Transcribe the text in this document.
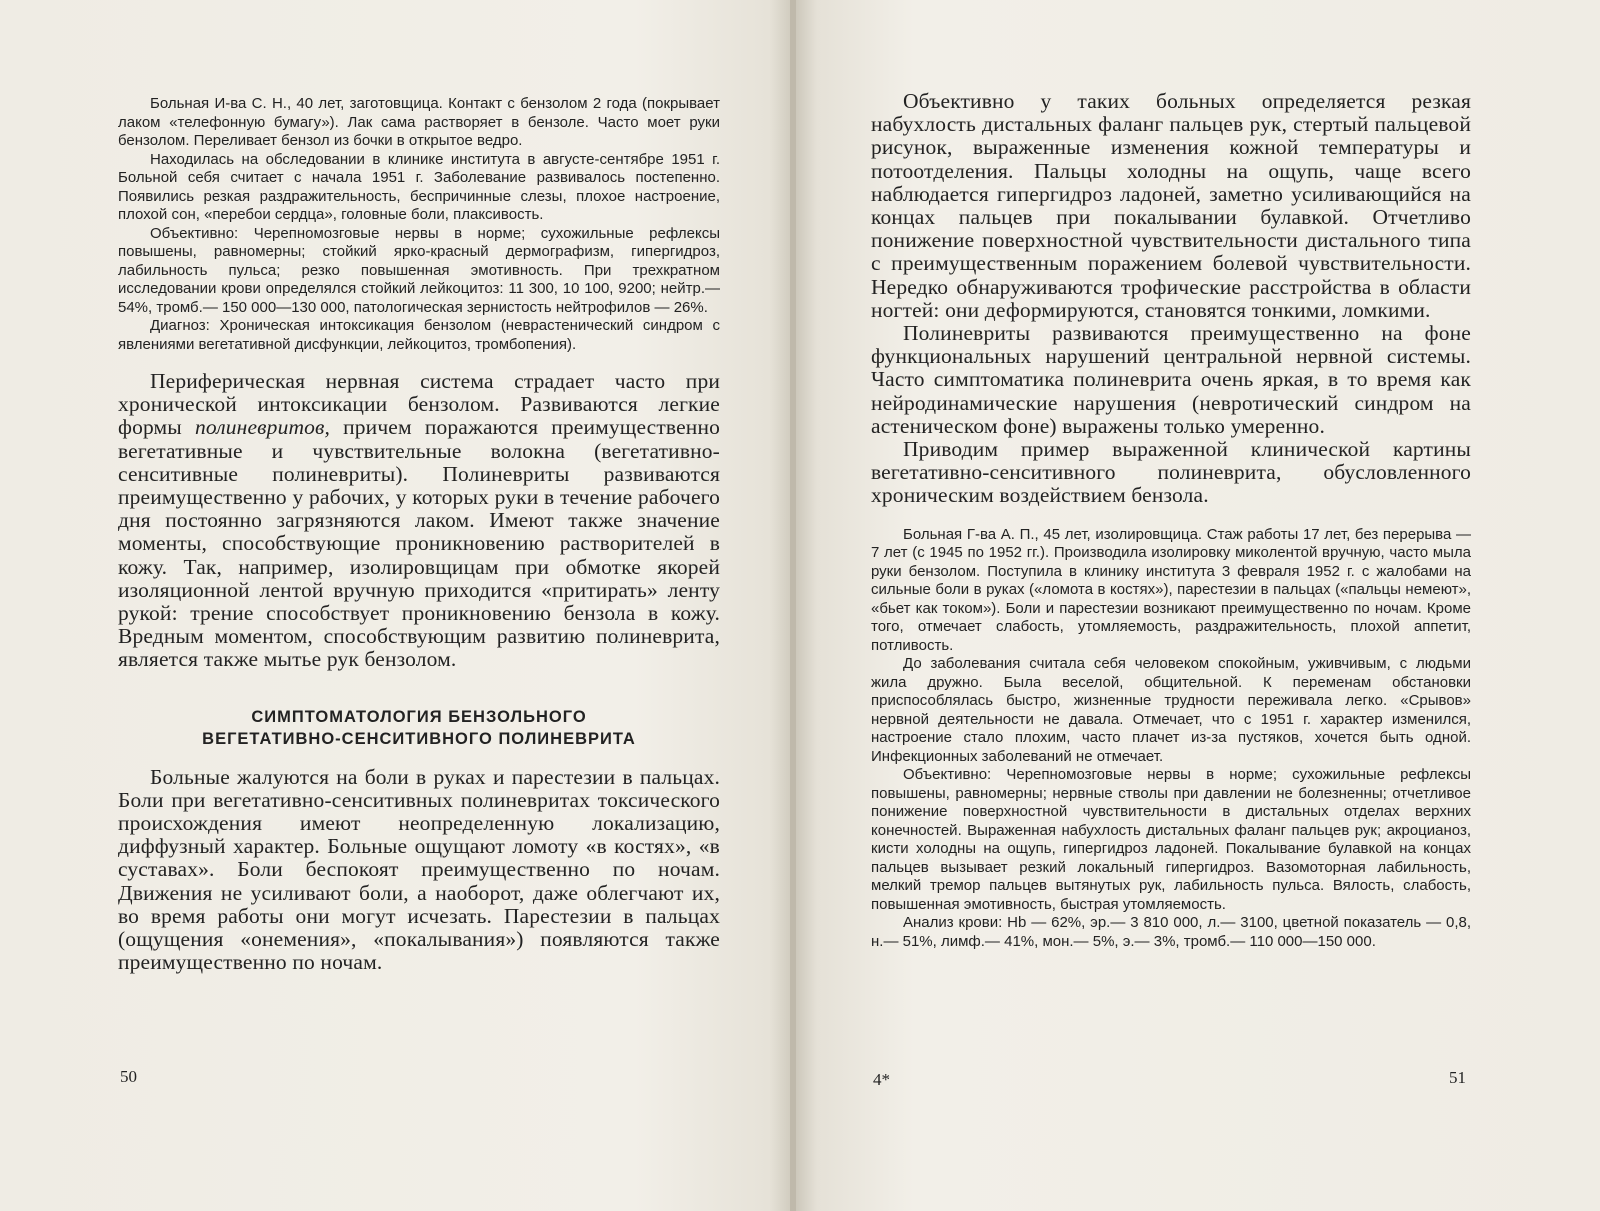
Больная И-ва С. Н., 40 лет, заготовщица. Контакт с бензолом 2 года (покрывает лаком «телефонную бумагу»). Лак сама растворяет в бензоле. Часто моет руки бензолом. Переливает бензол из бочки в открытое ведро.

Находилась на обследовании в клинике института в августе-сентябре 1951 г. Больной себя считает с начала 1951 г. Заболевание развивалось постепенно. Появились резкая раздражительность, беспричинные слезы, плохое настроение, плохой сон, «перебои сердца», головные боли, плаксивость.

Объективно: Черепномозговые нервы в норме; сухожильные рефлексы повышены, равномерны; стойкий ярко-красный дермографизм, гипергидроз, лабильность пульса; резко повышенная эмотивность. При трехкратном исследовании крови определялся стойкий лейкоцитоз: 11 300, 10 100, 9200; нейтр.— 54%, тромб.— 150 000—130 000, патологическая зернистость нейтрофилов — 26%.

Диагноз: Хроническая интоксикация бензолом (неврастенический синдром с явлениями вегетативной дисфункции, лейкоцитоз, тромбопения).

Периферическая нервная система страдает часто при хронической интоксикации бензолом. Развиваются легкие формы полиневритов, причем поражаются преимущественно вегетативные и чувствительные волокна (вегетативно-сенситивные полиневриты). Полиневриты развиваются преимущественно у рабочих, у которых руки в течение рабочего дня постоянно загрязняются лаком. Имеют также значение моменты, способствующие проникновению растворителей в кожу. Так, например, изолировщицам при обмотке якорей изоляционной лентой вручную приходится «притирать» ленту рукой: трение способствует проникновению бензола в кожу. Вредным моментом, способствующим развитию полиневрита, является также мытье рук бензолом.

СИМПТОМАТОЛОГИЯ БЕНЗОЛЬНОГО
ВЕГЕТАТИВНО-СЕНСИТИВНОГО ПОЛИНЕВРИТА

Больные жалуются на боли в руках и парестезии в пальцах. Боли при вегетативно-сенситивных полиневритах токсического происхождения имеют неопределенную локализацию, диффузный характер. Больные ощущают ломоту «в костях», «в суставах». Боли беспокоят преимущественно по ночам. Движения не усиливают боли, а наоборот, даже облегчают их, во время работы они могут исчезать. Парестезии в пальцах (ощущения «онемения», «покалывания») появляются также преимущественно по ночам.

50

Объективно у таких больных определяется резкая набухлость дистальных фаланг пальцев рук, стертый пальцевой рисунок, выраженные изменения кожной температуры и потоотделения. Пальцы холодны на ощупь, чаще всего наблюдается гипергидроз ладоней, заметно усиливающийся на концах пальцев при покалывании булавкой. Отчетливо понижение поверхностной чувствительности дистального типа с преимущественным поражением болевой чувствительности. Нередко обнаруживаются трофические расстройства в области ногтей: они деформируются, становятся тонкими, ломкими.

Полиневриты развиваются преимущественно на фоне функциональных нарушений центральной нервной системы. Часто симптоматика полиневрита очень яркая, в то время как нейродинамические нарушения (невротический синдром на астеническом фоне) выражены только умеренно.

Приводим пример выраженной клинической картины вегетативно-сенситивного полиневрита, обусловленного хроническим воздействием бензола.

Больная Г-ва А. П., 45 лет, изолировщица. Стаж работы 17 лет, без перерыва — 7 лет (с 1945 по 1952 гг.). Производила изолировку миколентой вручную, часто мыла руки бензолом. Поступила в клинику института 3 февраля 1952 г. с жалобами на сильные боли в руках («ломота в костях»), парестезии в пальцах («пальцы немеют», «бьет как током»). Боли и парестезии возникают преимущественно по ночам. Кроме того, отмечает слабость, утомляемость, раздражительность, плохой аппетит, потливость.

До заболевания считала себя человеком спокойным, уживчивым, с людьми жила дружно. Была веселой, общительной. К переменам обстановки приспособлялась быстро, жизненные трудности переживала легко. «Срывов» нервной деятельности не давала. Отмечает, что с 1951 г. характер изменился, настроение стало плохим, часто плачет из-за пустяков, хочется быть одной. Инфекционных заболеваний не отмечает.

Объективно: Черепномозговые нервы в норме; сухожильные рефлексы повышены, равномерны; нервные стволы при давлении не болезненны; отчетливое понижение поверхностной чувствительности в дистальных отделах верхних конечностей. Выраженная набухлость дистальных фаланг пальцев рук; акроцианоз, кисти холодны на ощупь, гипергидроз ладоней. Покалывание булавкой на концах пальцев вызывает резкий локальный гипергидроз. Вазомоторная лабильность, мелкий тремор пальцев вытянутых рук, лабильность пульса. Вялость, слабость, повышенная эмотивность, быстрая утомляемость.

Анализ крови: Hb — 62%, эр.— 3 810 000, л.— 3100, цветной показатель — 0,8, н.— 51%, лимф.— 41%, мон.— 5%, э.— 3%, тромб.— 110 000—150 000.

4*	51
